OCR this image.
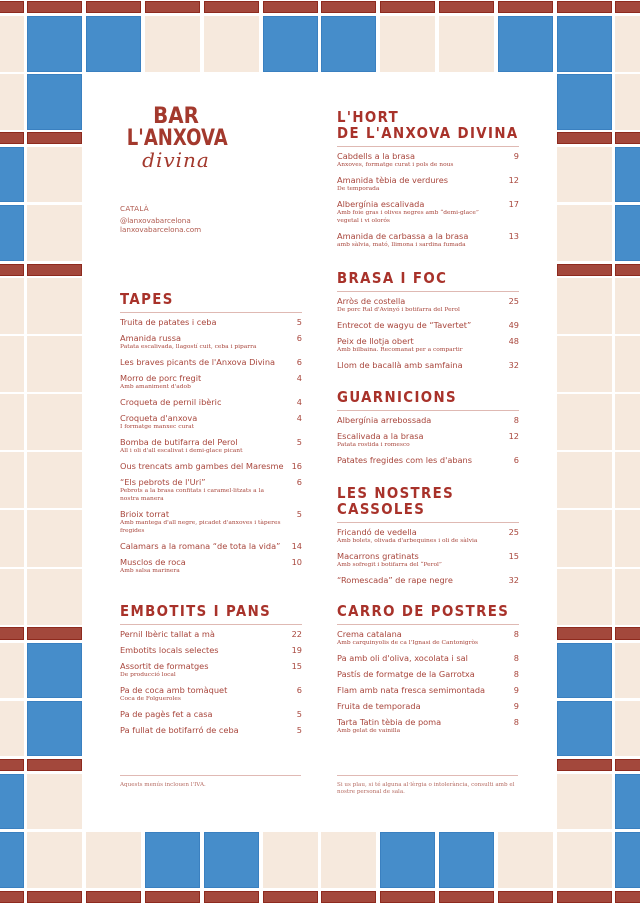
BAR
L'ANXOVA
divina
CATALÀ
@lanxovabarcelona
lanxovabarcelona.com
TAPES
Truita de patates i ceba	5
Amanida russa	6
Patata escalivada, llagostí cuit, ceba i piparra
Les braves picants de l'Anxova Divina	6
Morro de porc fregit	4
Amb amaniment d'adob
Croqueta de pernil ibèric	4
Croqueta d'anxova	4
I formatge manxec curat
Bomba de butifarra del Perol	5
All i oli d'all escalivat i demi-glace picant
Ous trencats amb gambes del Maresme 16
“Els pebrots de l'Uri”	6
Pebrots a la brasa confitats i caramel·litzats a la nostra manera
Brioix torrat	5
Amb mantega d'all negre, picadet d'anxoves i tàperes fregides
Calamars a la romana “de tota la vida”	14
Musclos de roca	10
Amb salsa marinera
EMBOTITS I PANS
Pernil Ibèric tallat a mà	22
Embotits locals selectes	19
Assortit de formatges	15
De producció local
Pa de coca amb tomàquet	6
Coca de Folgueroles
Pa de pagès fet a casa	5
Pa fullat de botifarró de ceba	5
L'HORT
DE L'ANXOVA DIVINA
Cabdells a la brasa	9
Anxoves, formatge curat i pols de nous
Amanida tèbia de verdures	12
De temporada
Albergínia escalivada	17
Amb foie gras i olives negres amb “demi-glace” vegetal i vi olorós
Amanida de carbassa a la brasa	13
amb sàlvia, mató, llimona i sardina fumada
BRASA I FOC
Arròs de costella	25
De porc Ral d'Avinyó i botifarra del Perol
Entrecot de wagyu de “Tavertet”	49
Peix de llotja obert	48
Amb bilbaina. Recomanat per a compartir
Llom de bacallà amb samfaina	32
GUARNICIONS
Albergínia arrebossada	8
Escalivada a la brasa	12
Patata rostida i romesco
Patates fregides com les d'abans	6
LES NOSTRES
CASSOLES
Fricandó de vedella	25
Amb bolets, olivada d'arbequines i oli de sàlvia
Macarrons gratinats	15
Amb sofregit i botifarra del “Perol”
“Romescada” de rape negre	32
CARRO DE POSTRES
Crema catalana	8
Amb carquinyolis de ca l'Ignasi de Cantonigròs
Pa amb oli d'oliva, xocolata i sal	8
Pastís de formatge de la Garrotxa	8
Flam amb nata fresca semimontada	9
Fruita de temporada	9
Tarta Tatin tèbia de poma	8
Amb gelat de vainilla
Aquests menús inclouen l'IVA.	Si us plau, si té alguna al·lèrgia o intolerància, consulti amb el nostre personal de sala.
